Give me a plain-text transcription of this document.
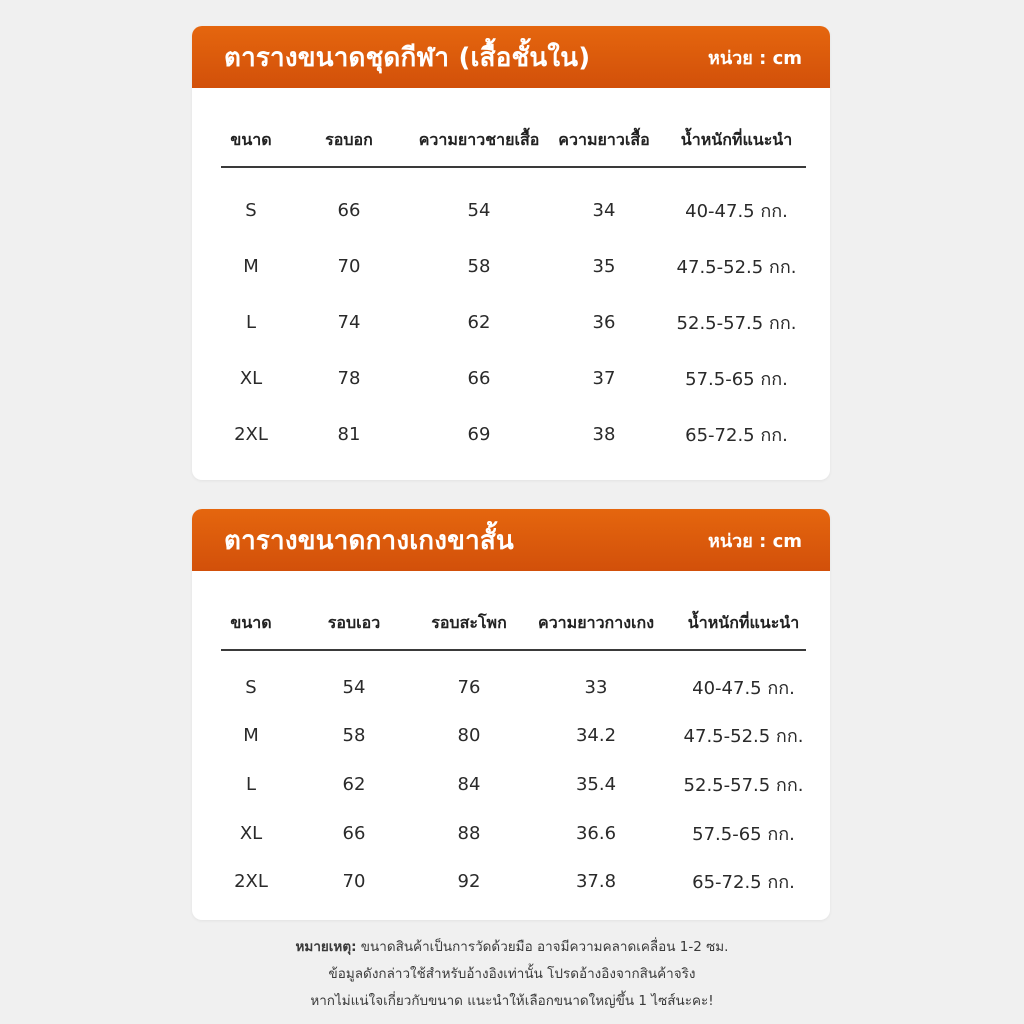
ตารางขนาดชุดกีฬา (เสื้อชั้นใน)	หน่วย : cm
ขนาด	รอบอก	ความยาวชายเสื้อ	ความยาวเสื้อ	น้ำหนักที่แนะนำ

S	66	54	34	40-47.5 กก.
M	70	58	35	47.5-52.5 กก.
L	74	62	36	52.5-57.5 กก.
XL	78	66	37	57.5-65 กก.
2XL	81	69	38	65-72.5 กก.
ตารางขนาดกางเกงขาสั้น	หน่วย : cm
ขนาด	รอบเอว	รอบสะโพก	ความยาวกางเกง	น้ำหนักที่แนะนำ

S	54	76	33	40-47.5 กก.
M	58	80	34.2	47.5-52.5 กก.
L	62	84	35.4	52.5-57.5 กก.
XL	66	88	36.6	57.5-65 กก.
2XL	70	92	37.8	65-72.5 กก.
หมายเหตุ: ขนาดสินค้าเป็นการวัดด้วยมือ อาจมีความคลาดเคลื่อน 1-2 ซม.
ข้อมูลดังกล่าวใช้สำหรับอ้างอิงเท่านั้น โปรดอ้างอิงจากสินค้าจริง
หากไม่แน่ใจเกี่ยวกับขนาด แนะนำให้เลือกขนาดใหญ่ขึ้น 1 ไซส์นะคะ!
